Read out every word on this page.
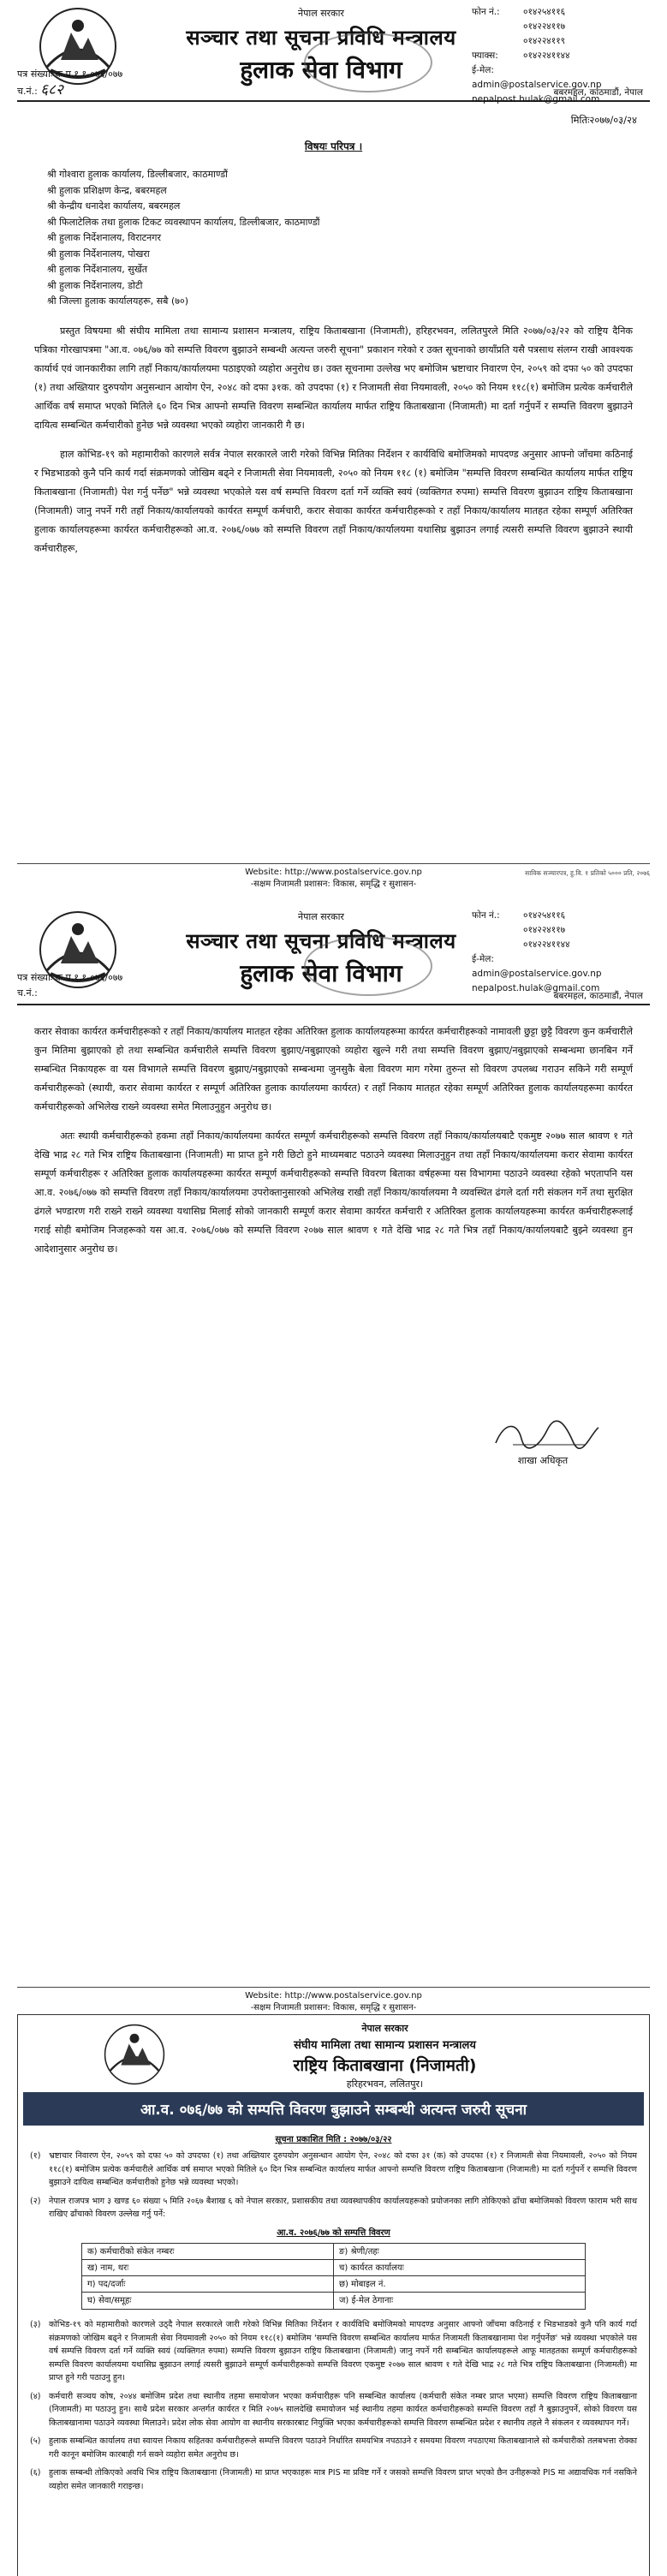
नेपाल सरकार
सञ्चार तथा सूचना प्रविधि मन्त्रालय
हुलाक सेवा विभाग
फोन नं.:	०१४२५४११६
०१४२२४११७
०१४२२४११९
फ्याक्स:	०१४२२४११४४
ई-मेल:
admin@postalservice.gov.np
nepalpost.hulak@gmail.com
पत्र संख्याः क.प्र.१.१-०७६/०७७
च.नं.: ६८२	बबरमहल, काठमाडौं, नेपाल
मितिः२०७७/०३/२४
विषयः परिपत्र ।
श्री गोश्वारा हुलाक कार्यालय, डिल्लीबजार, काठमाण्डौं
श्री हुलाक प्रशिक्षण केन्द्र, बबरमहल
श्री केन्द्रीय धनादेश कार्यालय, बबरमहल
श्री फिलाटेलिक तथा हुलाक टिकट व्यवस्थापन कार्यालय, डिल्लीबजार, काठमाण्डौं
श्री हुलाक निर्देशनालय, विराटनगर
श्री हुलाक निर्देशनालय, पोखरा
श्री हुलाक निर्देशनालय, सुर्खेत
श्री हुलाक निर्देशनालय, डोटी
श्री जिल्ला हुलाक कार्यालयहरू, सबै (७०)

प्रस्तुत विषयमा श्री संघीय मामिला तथा सामान्य प्रशासन मन्त्रालय, राष्ट्रिय किताबखाना (निजामती), हरिहरभवन, ललितपुरले मिति २०७७/०३/२२ को राष्ट्रिय दैनिक पत्रिका गोरखापत्रमा "आ.व. ०७६/७७ को सम्पत्ति विवरण बुझाउने सम्बन्धी अत्यन्त जरुरी सूचना" प्रकाशन गरेको र उक्त सूचनाको छायाँप्रति यसै पत्रसाथ संलग्न राखी आवश्यक कार्यार्थ एवं जानकारीका लागि तहाँ निकाय/कार्यालयमा पठाइएको व्यहोरा अनुरोध छ। उक्त सूचनामा उल्लेख भए बमोजिम भ्रष्टाचार निवारण ऐन, २०५९ को दफा ५० को उपदफा (१) तथा अख्तियार दुरुपयोग अनुसन्धान आयोग ऐन, २०४८ को दफा ३१क. को उपदफा (१) र निजामती सेवा नियमावली, २०५० को नियम ११८(१) बमोजिम प्रत्येक कर्मचारीले आर्थिक वर्ष समाप्त भएको मितिले ६० दिन भित्र आफ्नो सम्पत्ति विवरण सम्बन्धित कार्यालय मार्फत राष्ट्रिय किताबखाना (निजामती) मा दर्ता गर्नुपर्ने र सम्पत्ति विवरण बुझाउने दायित्व सम्बन्धित कर्मचारीको हुनेछ भन्ने व्यवस्था भएको व्यहोरा जानकारी गै छ।

हाल कोभिड-१९ को महामारीको कारणले सर्वत्र नेपाल सरकारले जारी गरेको विभिन्न मितिका निर्देशन र कार्यविधि बमोजिमको मापदण्ड अनुसार आफ्नो जाँचमा कठिनाई र भिडभाडको कुनै पनि कार्य गर्दा संक्रमणको जोखिम बढ्ने र निजामती सेवा नियमावली, २०५० को नियम ११८ (१) बमोजिम "सम्पत्ति विवरण सम्बन्धित कार्यालय मार्फत राष्ट्रिय किताबखाना (निजामती) पेश गर्नु पर्नेछ" भन्ने व्यवस्था भएकोले यस वर्ष सम्पत्ति विवरण दर्ता गर्ने व्यक्ति स्वयं (व्यक्तिगत रुपमा) सम्पत्ति विवरण बुझाउन राष्ट्रिय किताबखाना (निजामती) जानु नपर्ने गरी तहाँ निकाय/कार्यालयको कार्यरत सम्पूर्ण कर्मचारी, करार सेवाका कार्यरत कर्मचारीहरूको र तहाँ निकाय/कार्यालय मातहत रहेका सम्पूर्ण अतिरिक्त हुलाक कार्यालयहरूमा कार्यरत कर्मचारीहरूको आ.व. २०७६/०७७ को सम्पत्ति विवरण तहाँ निकाय/कार्यालयमा यथासिघ्र बुझाउन लगाई त्यसरी सम्पत्ति विवरण बुझाउने स्थायी कर्मचारीहरू,

Website: http://www.postalservice.gov.np
-सक्षम निजामती प्रशासन: विकास, समृद्धि र सुशासन-
साविक सञ्चारपत्र, हु.वि. १ प्रतिको ५००० प्रति, २०७६
नेपाल सरकार
सञ्चार तथा सूचना प्रविधि मन्त्रालय
हुलाक सेवा विभाग
फोन नं.:	०१४२५४११६
०१४२२४११७
०१४२२४११४४
ई-मेल:
admin@postalservice.gov.np
nepalpost.hulak@gmail.com
पत्र संख्याः क.प्र.१.१-०७६/०७७
च.नं.:	बबरमहल, काठमाडौं, नेपाल

करार सेवाका कार्यरत कर्मचारीहरूको र तहाँ निकाय/कार्यालय मातहत रहेका अतिरिक्त हुलाक कार्यालयहरूमा कार्यरत कर्मचारीहरूको नामावली छुट्टा छुट्टै विवरण कुन कर्मचारीले कुन मितिमा बुझाएको हो तथा सम्बन्धित कर्मचारीले सम्पत्ति विवरण बुझाए/नबुझाएको व्यहोरा खुल्ने गरी तथा सम्पत्ति विवरण बुझाए/नबुझाएको सम्बन्धमा छानबिन गर्ने सम्बन्धित निकायहरू वा यस विभागले सम्पत्ति विवरण बुझाए/नबुझाएको सम्बन्धमा जुनसुकै बेला विवरण माग गरेमा तुरुन्त सो विवरण उपलब्ध गराउन सकिने गरी सम्पूर्ण कर्मचारीहरूको (स्थायी, करार सेवामा कार्यरत र सम्पूर्ण अतिरिक्त हुलाक कार्यालयमा कार्यरत) र तहाँ निकाय मातहत रहेका सम्पूर्ण अतिरिक्त हुलाक कार्यालयहरूमा कार्यरत कर्मचारीहरूको अभिलेख राख्ने व्यवस्था समेत मिलाउनुहुन अनुरोध छ।

अतः स्थायी कर्मचारीहरूको हकमा तहाँ निकाय/कार्यालयमा कार्यरत सम्पूर्ण कर्मचारीहरूको सम्पत्ति विवरण तहाँ निकाय/कार्यालयबाटै एकमुष्ट २०७७ साल श्रावण १ गते देखि भाद्र २८ गते भित्र राष्ट्रिय किताबखाना (निजामती) मा प्राप्त हुने गरी छिटो हुने माध्यमबाट पठाउने व्यवस्था मिलाउनुहुन तथा तहाँ निकाय/कार्यालयमा करार सेवामा कार्यरत सम्पूर्ण कर्मचारीहरू र अतिरिक्त हुलाक कार्यालयहरूमा कार्यरत सम्पूर्ण कर्मचारीहरूको सम्पत्ति विवरण बिताका वर्षहरूमा यस विभागमा पठाउने व्यवस्था रहेको भएतापनि यस आ.व. २०७६/०७७ को सम्पत्ति विवरण तहाँ निकाय/कार्यालयमा उपरोक्तानुसारको अभिलेख राखी तहाँ निकाय/कार्यालयमा नै व्यवस्थित ढंगले दर्ता गरी संकलन गर्ने तथा सुरक्षित ढंगले भण्डारण गरी राख्ने राख्ने व्यवस्था यथासिघ्र मिलाई सोको जानकारी सम्पूर्ण करार सेवामा कार्यरत कर्मचारी र अतिरिक्त हुलाक कार्यालयहरूमा कार्यरत कर्मचारीहरूलाई गराई सोही बमोजिम निजहरूको यस आ.व. २०७६/०७७ को सम्पत्ति विवरण २०७७ साल श्रावण १ गते देखि भाद्र २८ गते भित्र तहाँ निकाय/कार्यालयबाटै बुझ्ने व्यवस्था हुन आदेशानुसार अनुरोध छ।

शाखा अधिकृत
Website: http://www.postalservice.gov.np
-सक्षम निजामती प्रशासन: विकास, समृद्धि र सुशासन-
नेपाल सरकार
संघीय मामिला तथा सामान्य प्रशासन मन्त्रालय
राष्ट्रिय किताबखाना (निजामती)
हरिहरभवन, ललितपुर।
आ.व. ०७६/७७ को सम्पत्ति विवरण बुझाउने सम्बन्धी अत्यन्त जरुरी सूचना
सूचना प्रकाशित मिति : २०७७/०३/२२
(१) भ्रष्टाचार निवारण ऐन, २०५९ को दफा ५० को उपदफा (१) तथा अख्तियार दुरुपयोग अनुसन्धान आयोग ऐन, २०४८ को दफा ३१ (क) को उपदफा (१) र निजामती सेवा नियमावली, २०५० को नियम ११८(१) बमोजिम प्रत्येक कर्मचारीले आर्थिक वर्ष समाप्त भएको मितिले ६० दिन भित्र सम्बन्धित कार्यालय मार्फत आफ्नो सम्पत्ति विवरण राष्ट्रिय किताबखाना (निजामती) मा दर्ता गर्नुपर्ने र सम्पत्ति विवरण बुझाउने दायित्व सम्बन्धित कर्मचारीको हुनेछ भन्ने व्यवस्था भएको।
(२) नेपाल राजपत्र भाग ३ खण्ड ६० संख्या ५ मिति २०६७ बैशाख ६ को नेपाल सरकार, प्रशासकीय तथा व्यवस्थापकीय कार्यालयहरूको प्रयोजनका लागि तोकिएको ढाँचा बमोजिमको विवरण फाराम भरी साथ राखिए ढाँचाको विवरण उल्लेख गर्नु पर्ने:
आ.व. २०७६/७७ को सम्पत्ति विवरण
क) कर्मचारीको संकेत नम्बरः	ङ) श्रेणी/तहः
ख) नाम, थरः	च) कार्यरत कार्यालयः
ग) पद/दर्जाः	छ) मोबाइल नं.
घ) सेवा/समूहः	ज) ई-मेल ठेगानाः
(३) कोभिड-१९ को महामारीको कारणले उठ्दै नेपाल सरकारले जारी गरेको विभिन्न मितिका निर्देशन र कार्यविधि बमोजिमको मापदण्ड अनुसार आफ्नो जाँचमा कठिनाई र भिडभाडको कुनै पनि कार्य गर्दा संक्रमणको जोखिम बढ्ने र निजामती सेवा नियमावली २०५० को नियम ११८(१) बमोजिम 'सम्पत्ति विवरण सम्बन्धित कार्यालय मार्फत निजामती किताबखानामा पेश गर्नुपर्नेछ' भन्ने व्यवस्था भएकोले यस वर्ष सम्पत्ति विवरण दर्ता गर्ने व्यक्ति स्वयं (व्यक्तिगत रुपमा) सम्पत्ति विवरण बुझाउन राष्ट्रिय किताबखाना (निजामती) जानु नपर्ने गरी सम्बन्धित कार्यालयहरूले आफू मातहतका सम्पूर्ण कर्मचारीहरूको सम्पत्ति विवरण कार्यालयमा यथासिघ्र बुझाउन लगाई त्यसरी बुझाउने सम्पूर्ण कर्मचारीहरूको सम्पत्ति विवरण एकमुष्ट २०७७ साल श्रावण १ गते देखि भाद्र २८ गते भित्र राष्ट्रिय किताबखाना (निजामती) मा प्राप्त हुने गरी पठाउनु हुन।
(४) कर्मचारी सञ्चय कोष, २०४४ बमोजिम प्रदेश तथा स्थानीय तहमा समायोजन भएका कर्मचारीहरू पनि सम्बन्धित कार्यालय (कर्मचारी संकेत नम्बर प्राप्त भएमा) सम्पत्ति विवरण राष्ट्रिय किताबखाना (निजामती) मा पठाउनु हुन। साथै प्रदेश सरकार अन्तर्गत कार्यरत र मिति २०७५ सालदेखि समायोजन भई स्थानीय तहमा कार्यरत कर्मचारीहरूको सम्पत्ति विवरण तहाँ नै बुझाउनुपर्ने, सोको विवरण यस किताबखानामा पठाउने व्यवस्था मिलाउने। प्रदेश लोक सेवा आयोग वा स्थानीय सरकारबाट नियुक्ति भएका कर्मचारीहरूको सम्पत्ति विवरण सम्बन्धित प्रदेश र स्थानीय तहले नै संकलन र व्यवस्थापन गर्ने।
(५) हुलाक सम्बन्धित कार्यालय तथा स्वायत्त निकाय सहितका कर्मचारीहरूले सम्पत्ति विवरण पठाउने निर्धारित समयभित्र नपठाउने र समयमा विवरण नपठाएमा किताबखानाले सो कर्मचारीको तलबभत्ता रोक्का गरी कानून बमोजिम कारबाही गर्न सक्ने व्यहोरा समेत अनुरोध छ।
(६) हुलाक सम्बन्धी तोकिएको अवधि भित्र राष्ट्रिय किताबखाना (निजामती) मा प्राप्त भएकाहरू मात्र PIS मा प्रविष्ट गर्ने र जसको सम्पत्ति विवरण प्राप्त भएको छैन उनीहरूको PIS मा अद्यावधिक गर्न नसकिने व्यहोरा समेत जानकारी गराइन्छ।
